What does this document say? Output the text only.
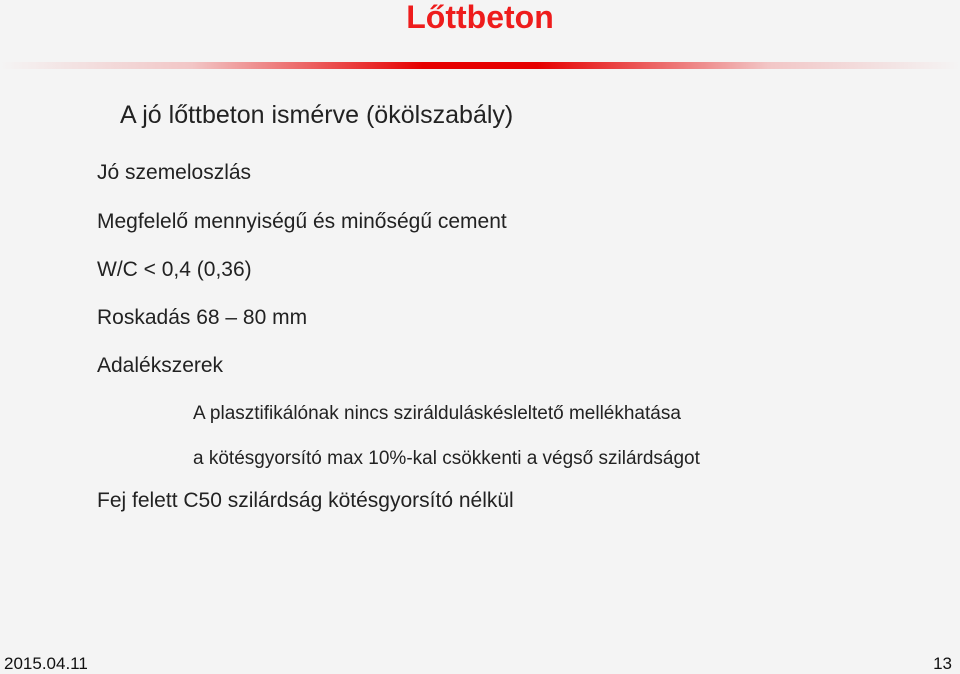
Lőttbeton
A jó lőttbeton ismérve (ökölszabály)
Jó szemeloszlás
Megfelelő mennyiségű és minőségű cement
W/C < 0,4 (0,36)
Roskadás 68 – 80 mm
Adalékszerek
A plasztifikálónak nincs szirálduláskésleltető mellékhatása
a kötésgyorsító max 10%-kal csökkenti a végső szilárdságot
Fej felett C50 szilárdság kötésgyorsító nélkül
2015.04.11	13
